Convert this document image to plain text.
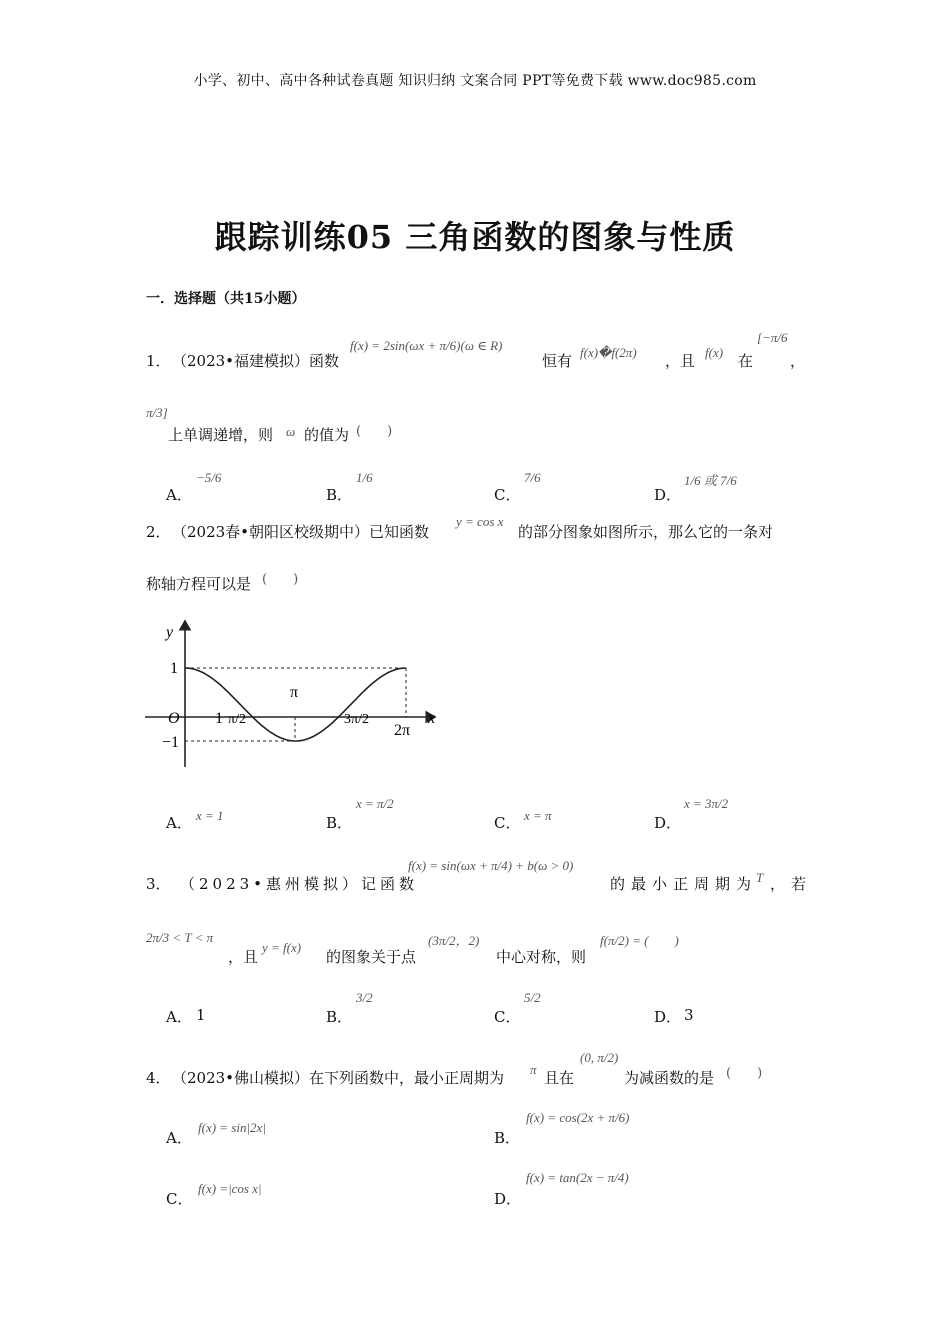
小学、初中、高中各种试卷真题 知识归纳 文案合同 PPT等免费下载 www.doc985.com
跟踪训练05 三角函数的图象与性质
一．选择题（共15小题）
1． （2023•福建模拟）函数
f(x) = 2sin(ωx + π/6)(ω ∈ R)
恒有 f(x)�f(2π) ，且 f(x) 在
[−π/6
，
π/3]
上单调递增，则 ω 的值为 (　　)
A．
−5/6
B．
1/6
C．
7/6
D．
1/6 或 7/6
2． （2023春•朝阳区校级期中）已知函数
y = cos x
的部分图象如图所示，那么它的一条对
称轴方程可以是 (　　)
y
x
O
1
−1
1 π/2
π
3π/2
2π
A． x = 1	B．
x = π/2
C． x = π	D．
x = 3π/2
3． （2023•惠州模拟）记函数
f(x) = sin(ωx + π/4) + b(ω > 0)
的最小正周期为
T ，若
2π/3 < T < π
，且
y = f(x)
的图象关于点
(3π/2，2)
中心对称，则
f(π/2) = (　　)
A． 1	B．
3/2
C．
5/2
D． 3
4． （2023•佛山模拟）在下列函数中，最小正周期为 π 且在
(0, π/2)
为减函数的是 (　　)
A．
f(x) = sin|2x|
B．
f(x) = cos(2x + π/6)
C．
f(x) =|cos x|
D．
f(x) = tan(2x − π/4)
